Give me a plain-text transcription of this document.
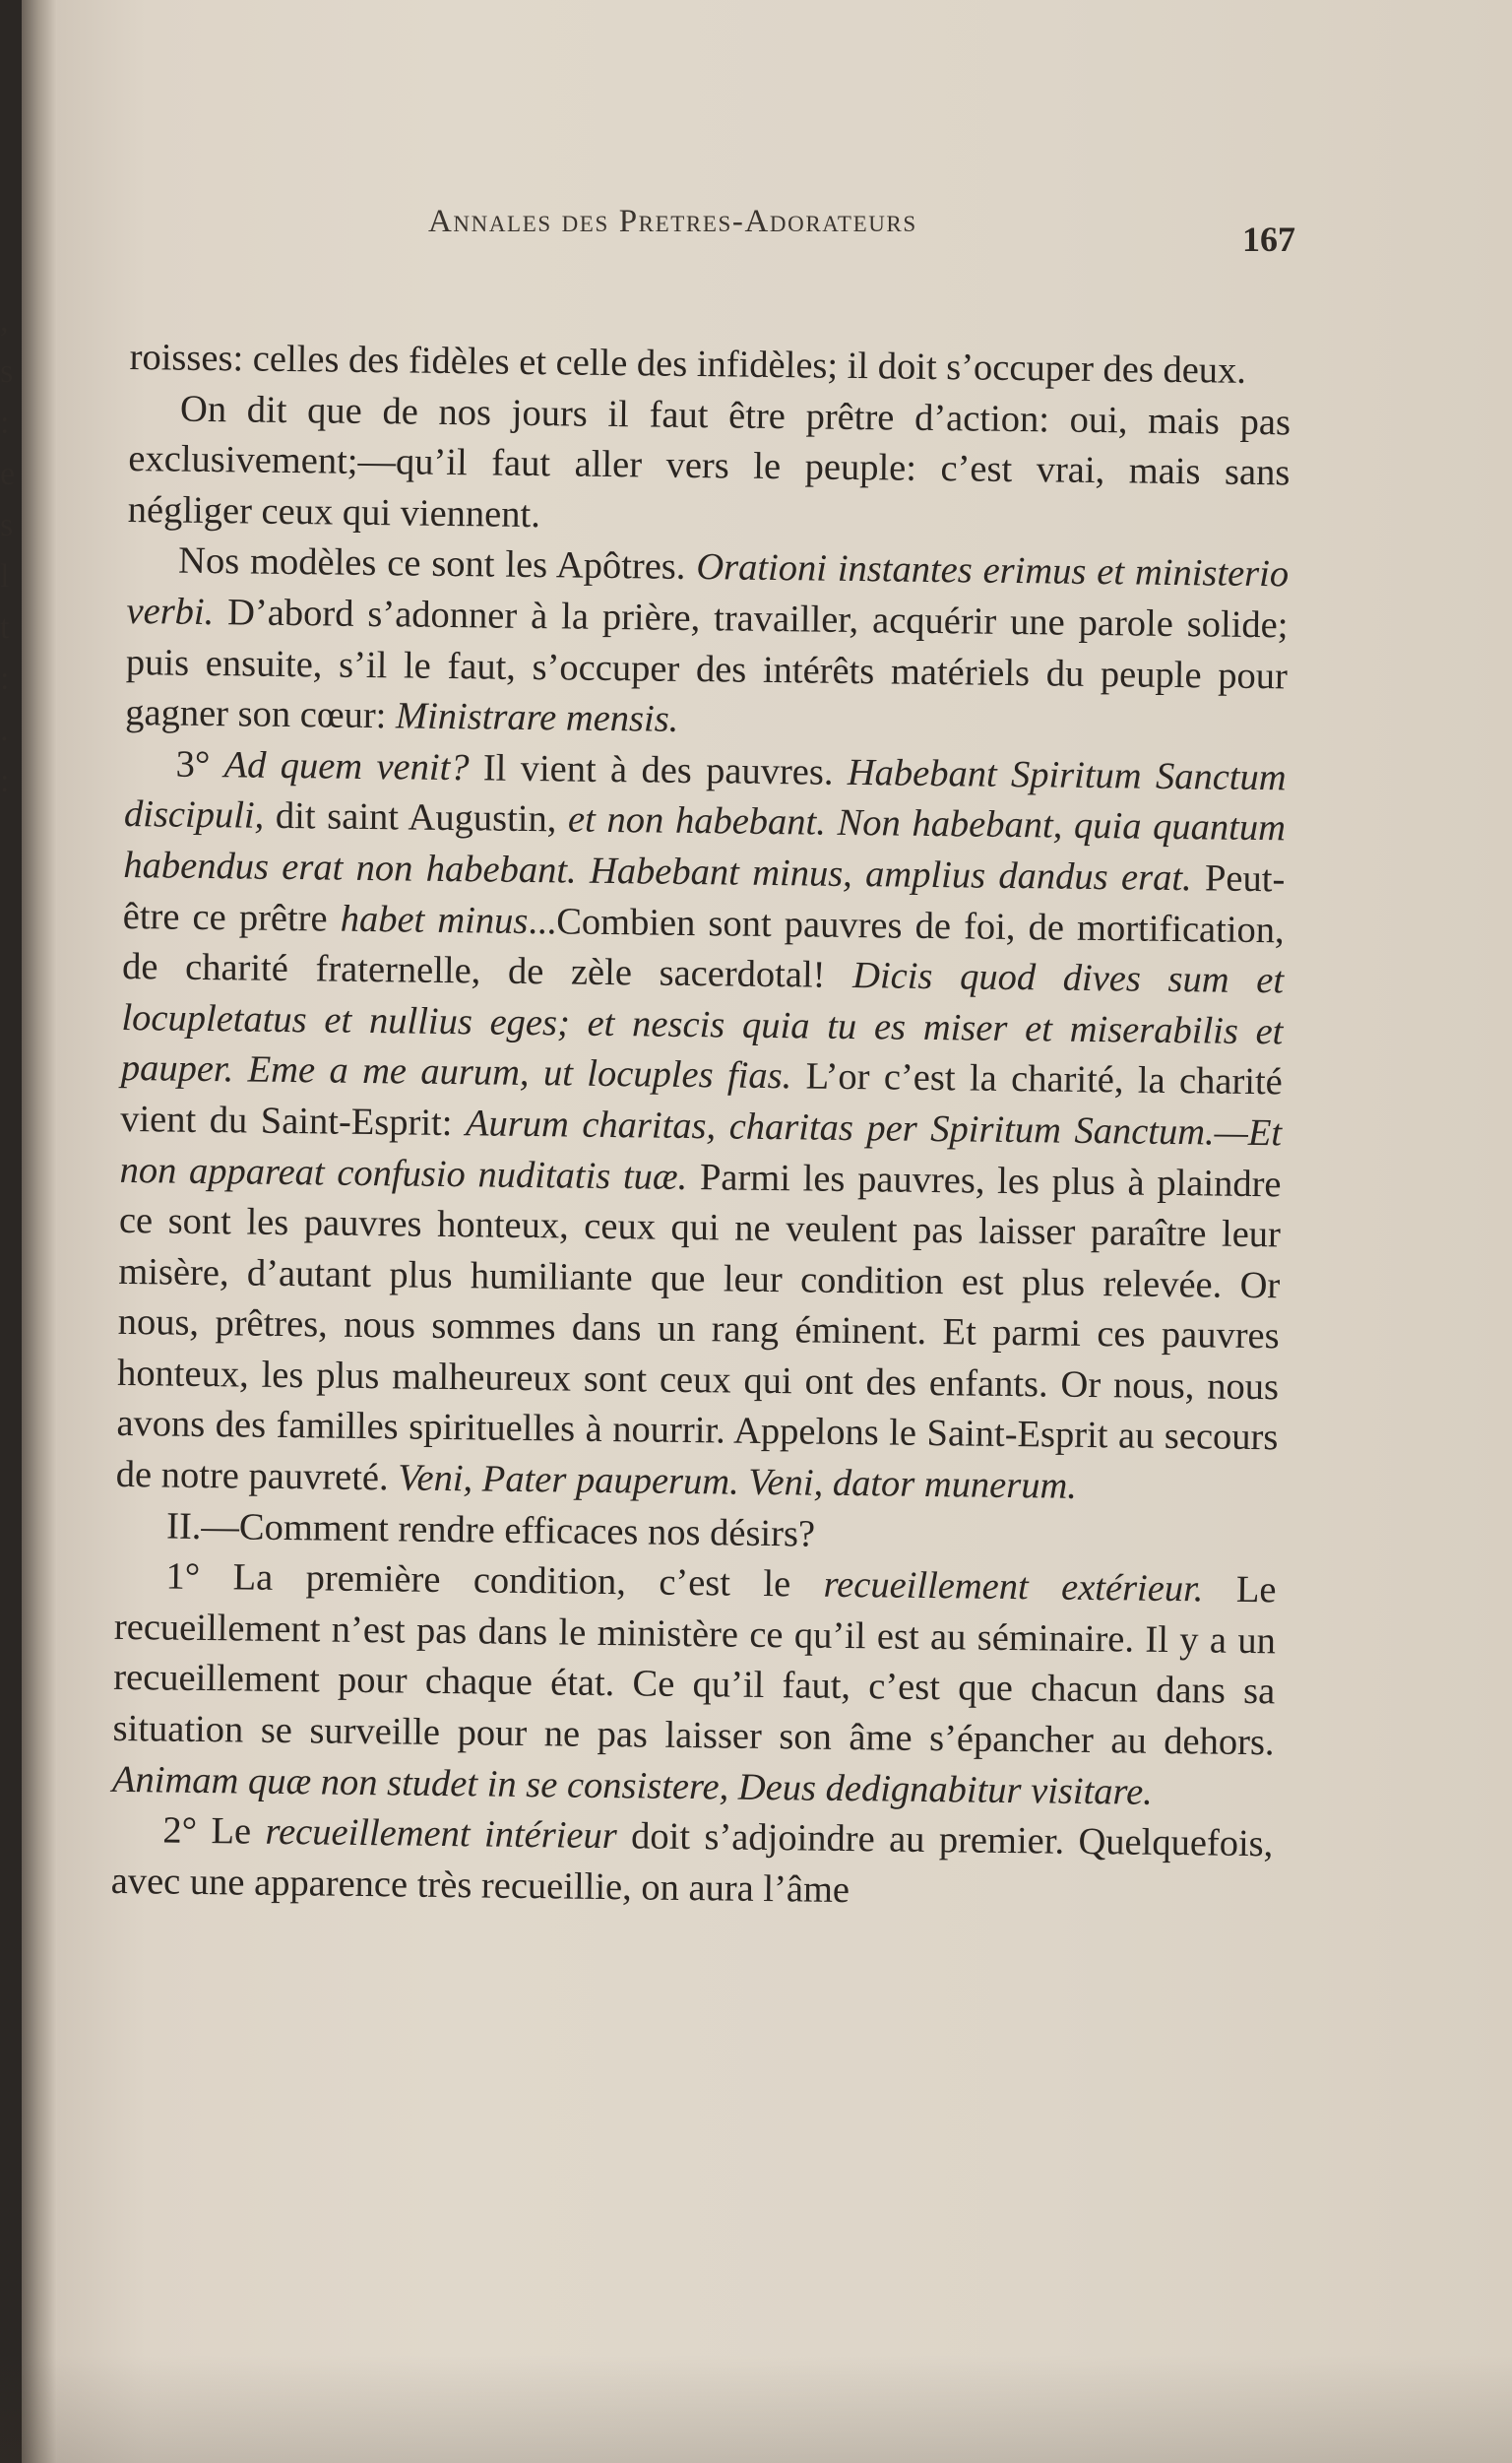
,
s
:
e
s
l
t
:
.
:
Annales des Pretres-Adorateurs	167

roisses: celles des fidèles et celle des infidèles; il doit s’occuper des deux.

On dit que de nos jours il faut être prêtre d’action: oui, mais pas exclusivement;—qu’il faut aller vers le peuple: c’est vrai, mais sans négliger ceux qui viennent.

Nos modèles ce sont les Apôtres. Orationi instantes erimus et ministerio verbi. D’abord s’adonner à la prière, travailler, acquérir une parole solide; puis ensuite, s’il le faut, s’occuper des intérêts matériels du peuple pour gagner son cœur: Ministrare mensis.

3° Ad quem venit? Il vient à des pauvres. Habebant Spiritum Sanctum discipuli, dit saint Augustin, et non habebant. Non habebant, quia quantum habendus erat non habebant. Habebant minus, amplius dandus erat. Peut-être ce prêtre habet minus...Combien sont pauvres de foi, de mortification, de charité fraternelle, de zèle sacerdotal! Dicis quod dives sum et locupletatus et nullius eges; et nescis quia tu es miser et miserabilis et pauper. Eme a me aurum, ut locuples fias. L’or c’est la charité, la charité vient du Saint-Esprit: Aurum charitas, charitas per Spiritum Sanctum.—Et non appareat confusio nuditatis tuæ. Parmi les pauvres, les plus à plaindre ce sont les pauvres honteux, ceux qui ne veulent pas laisser paraître leur misère, d’autant plus humiliante que leur condition est plus relevée. Or nous, prêtres, nous sommes dans un rang éminent. Et parmi ces pauvres honteux, les plus malheureux sont ceux qui ont des enfants. Or nous, nous avons des familles spirituelles à nourrir. Appelons le Saint-Esprit au secours de notre pauvreté. Veni, Pater pauperum. Veni, dator munerum.

II.—Comment rendre efficaces nos désirs?

1° La première condition, c’est le recueillement extérieur. Le recueillement n’est pas dans le ministère ce qu’il est au séminaire. Il y a un recueillement pour chaque état. Ce qu’il faut, c’est que chacun dans sa situation se surveille pour ne pas laisser son âme s’épancher au dehors. Animam quæ non studet in se consistere, Deus dedignabitur visitare.

2° Le recueillement intérieur doit s’adjoindre au premier. Quelquefois, avec une apparence très recueillie, on aura l’âme
